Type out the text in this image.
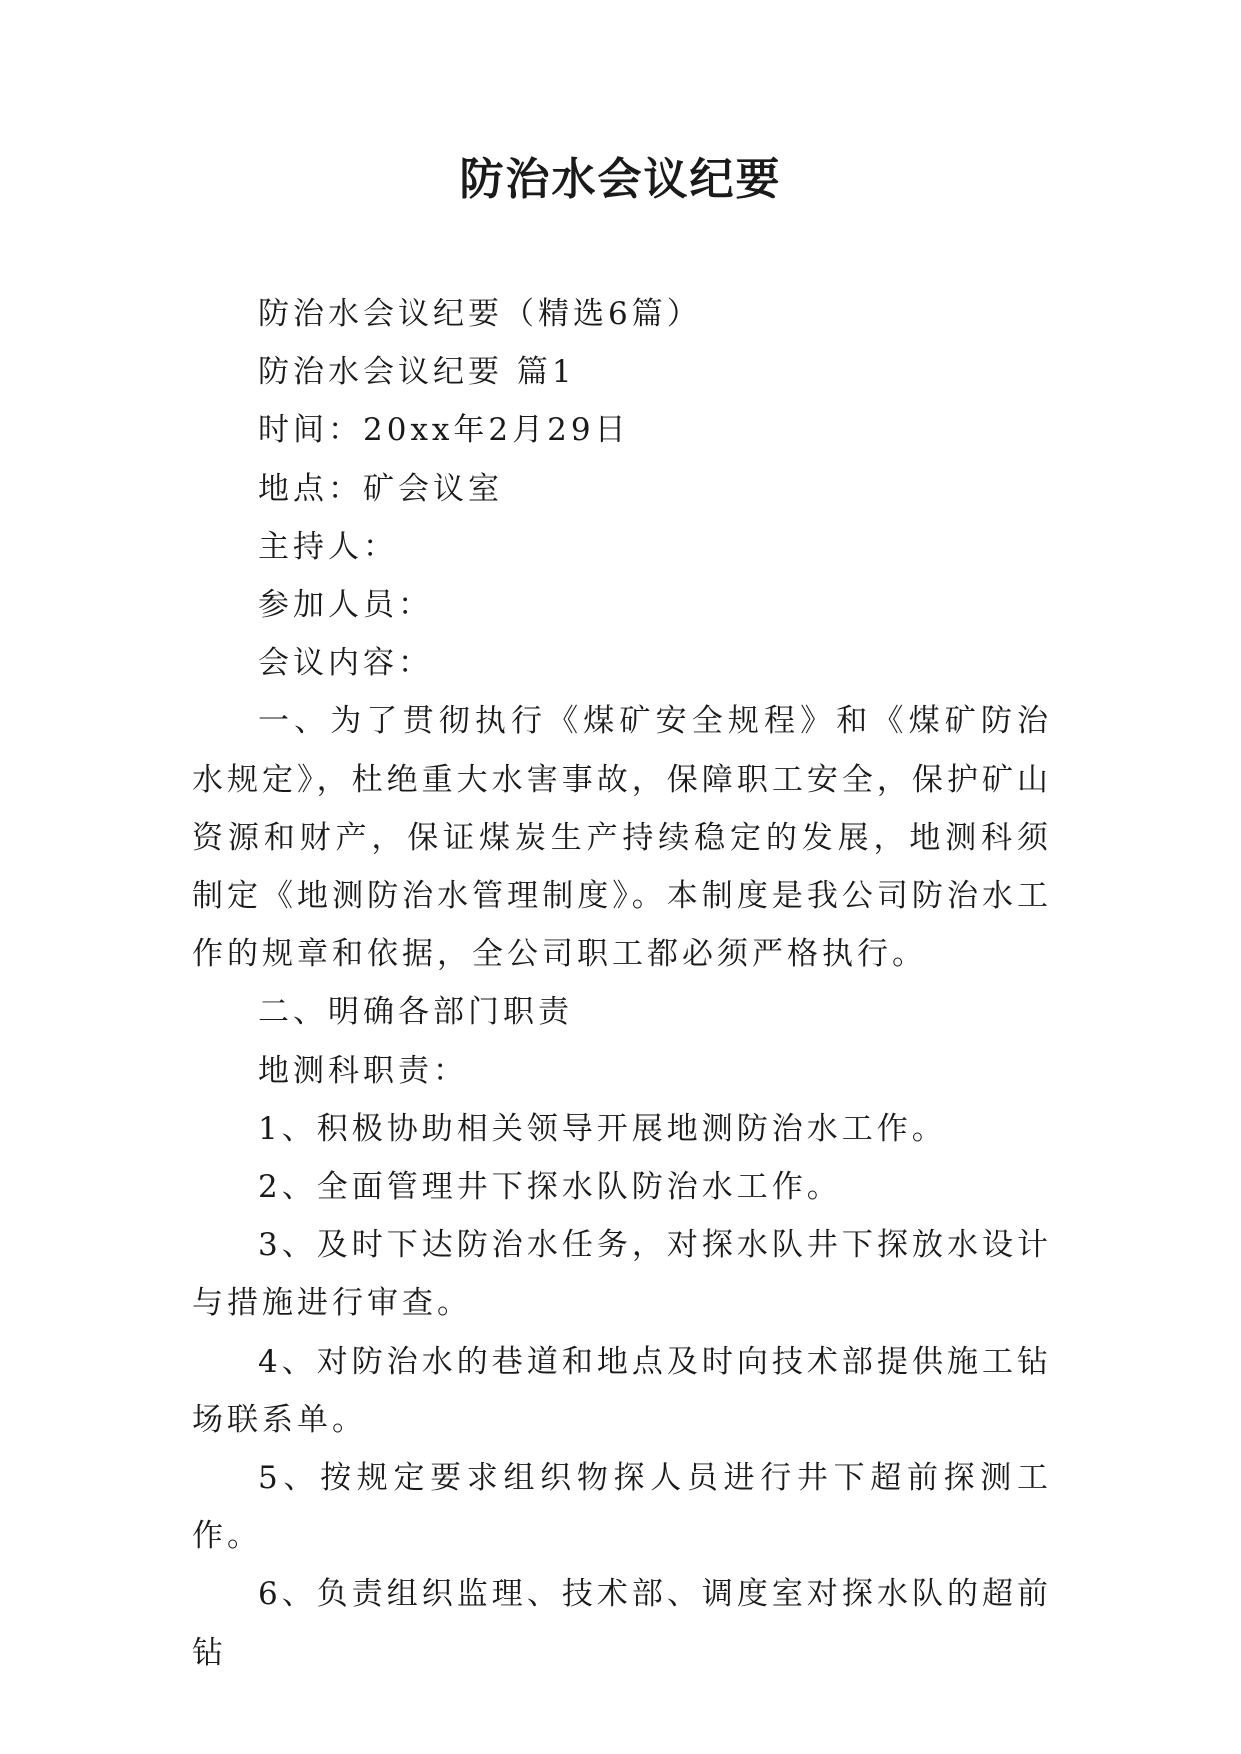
防治水会议纪要

防治水会议纪要（精选6篇）

防治水会议纪要 篇1

时间：20xx年2月29日

地点：矿会议室

主持人：

参加人员：

会议内容：

一、为了贯彻执行《煤矿安全规程》和《煤矿防治水规定》，杜绝重大水害事故，保障职工安全，保护矿山资源和财产，保证煤炭生产持续稳定的发展，地测科须制定《地测防治水管理制度》。本制度是我公司防治水工作的规章和依据，全公司职工都必须严格执行。

二、明确各部门职责

地测科职责：

1、积极协助相关领导开展地测防治水工作。

2、全面管理井下探水队防治水工作。

3、及时下达防治水任务，对探水队井下探放水设计与措施进行审查。

4、对防治水的巷道和地点及时向技术部提供施工钻场联系单。

5、按规定要求组织物探人员进行井下超前探测工作。

6、负责组织监理、技术部、调度室对探水队的超前钻
